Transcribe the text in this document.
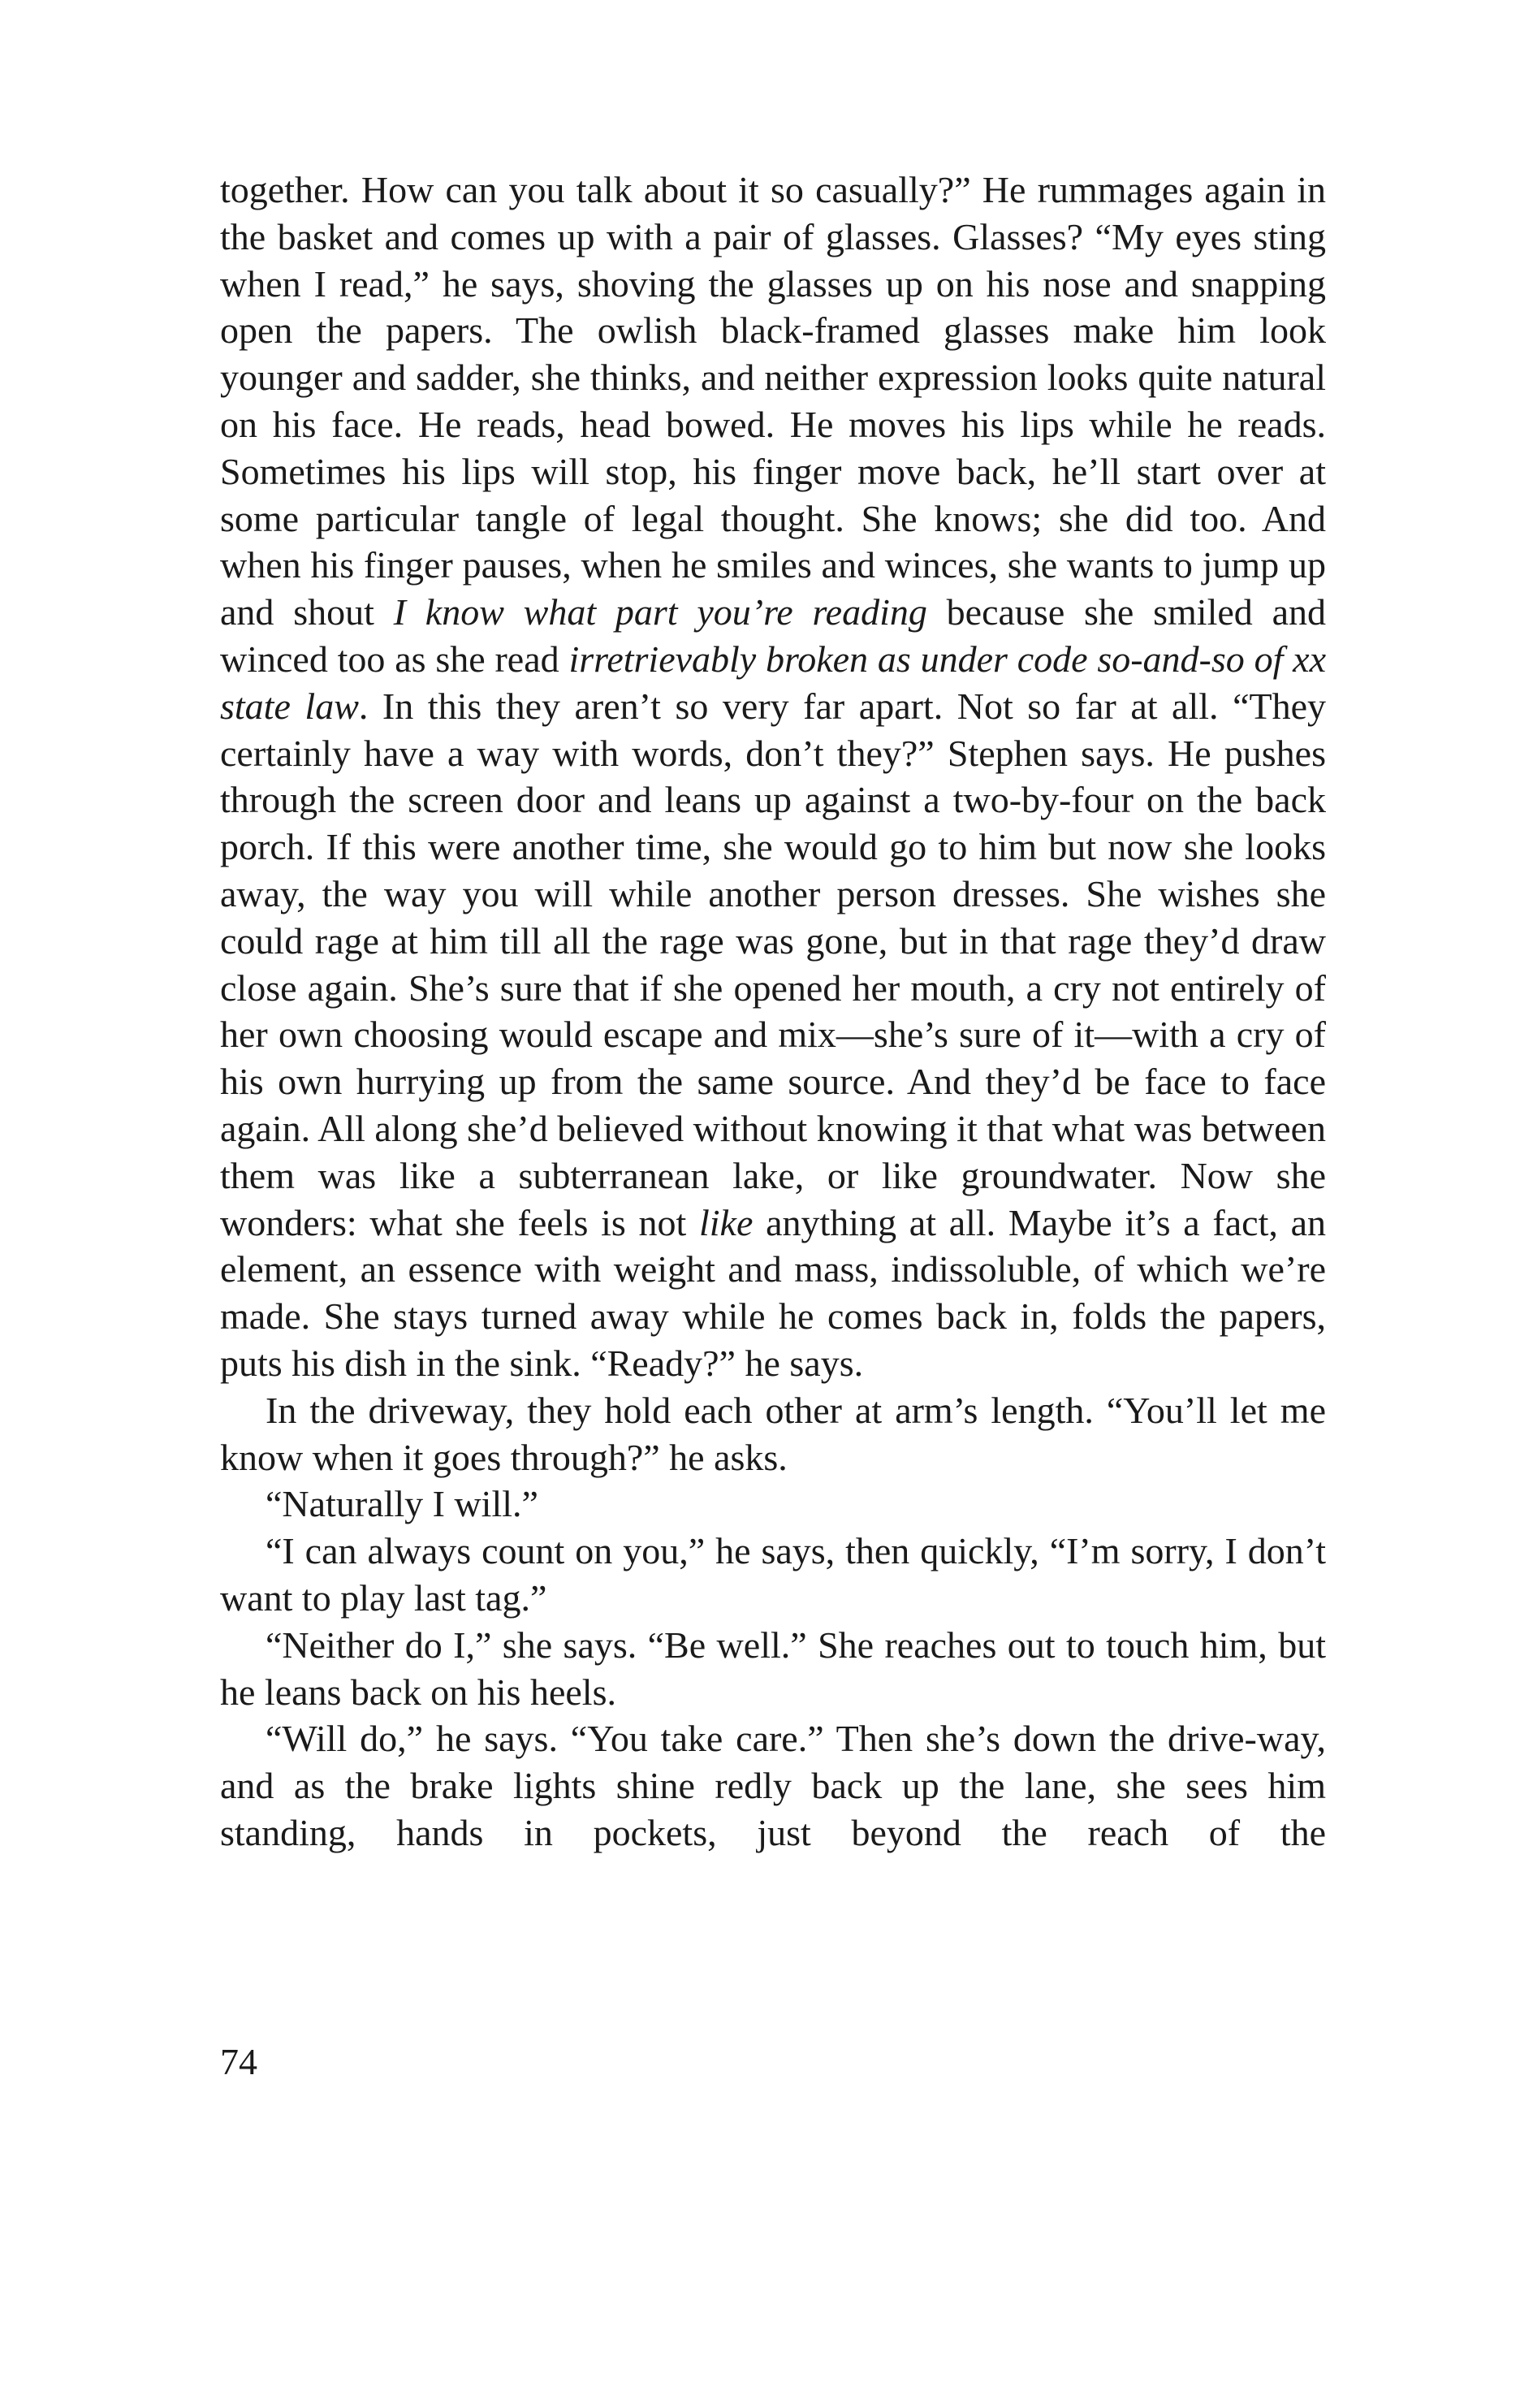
together. How can you talk about it so casually?” He rummages again in the basket and comes up with a pair of glasses. Glasses? “My eyes sting when I read,” he says, shoving the glasses up on his nose and snapping open the papers. The owlish black-framed glasses make him look younger and sadder, she thinks, and neither expression looks quite natural on his face. He reads, head bowed. He moves his lips while he reads. Sometimes his lips will stop, his finger move back, he’ll start over at some particular tangle of legal thought. She knows; she did too. And when his finger pauses, when he smiles and winces, she wants to jump up and shout I know what part you’re reading because she smiled and winced too as she read irretrievably broken as under code so-and-so of xx state law. In this they aren’t so very far apart. Not so far at all. “They certainly have a way with words, don’t they?” Stephen says. He pushes through the screen door and leans up against a two-by-four on the back porch. If this were another time, she would go to him but now she looks away, the way you will while another person dresses. She wishes she could rage at him till all the rage was gone, but in that rage they’d draw close again. She’s sure that if she opened her mouth, a cry not entirely of her own choosing would escape and mix—she’s sure of it—with a cry of his own hurrying up from the same source. And they’d be face to face again. All along she’d believed without knowing it that what was between them was like a subterranean lake, or like groundwater. Now she wonders: what she feels is not like anything at all. Maybe it’s a fact, an element, an essence with weight and mass, indissoluble, of which we’re made. She stays turned away while he comes back in, folds the papers, puts his dish in the sink. “Ready?” he says.

In the driveway, they hold each other at arm’s length. “You’ll let me know when it goes through?” he asks.

“Naturally I will.”

“I can always count on you,” he says, then quickly, “I’m sorry, I don’t want to play last tag.”

“Neither do I,” she says. “Be well.” She reaches out to touch him, but he leans back on his heels.

“Will do,” he says. “You take care.” Then she’s down the drive-way, and as the brake lights shine redly back up the lane, she sees him standing, hands in pockets, just beyond the reach of the

74
